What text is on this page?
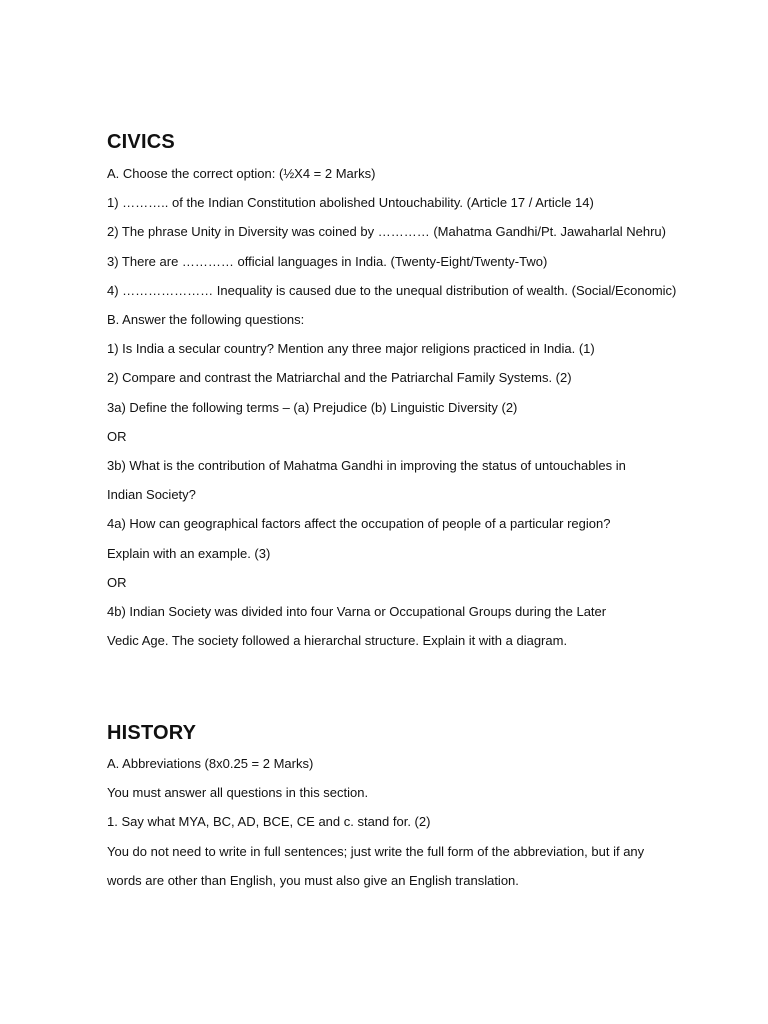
CIVICS
A. Choose the correct option: (½X4 = 2 Marks)
1) ……….. of the Indian Constitution abolished Untouchability. (Article 17 / Article 14)
2) The phrase Unity in Diversity was coined by ………… (Mahatma Gandhi/Pt. Jawaharlal Nehru)
3) There are ………… official languages in India. (Twenty-Eight/Twenty-Two)
4) ………………… Inequality is caused due to the unequal distribution of wealth. (Social/Economic)
B. Answer the following questions:
1) Is India a secular country? Mention any three major religions practiced in India. (1)
2) Compare and contrast the Matriarchal and the Patriarchal Family Systems. (2)
3a) Define the following terms – (a) Prejudice (b) Linguistic Diversity (2)
OR
3b) What is the contribution of Mahatma Gandhi in improving the status of untouchables in
Indian Society?
4a) How can geographical factors affect the occupation of people of a particular region?
Explain with an example. (3)
OR
4b) Indian Society was divided into four Varna or Occupational Groups during the Later
Vedic Age. The society followed a hierarchal structure. Explain it with a diagram.
HISTORY
A. Abbreviations (8x0.25 = 2 Marks)
You must answer all questions in this section.
1. Say what MYA, BC, AD, BCE, CE and c. stand for. (2)
You do not need to write in full sentences; just write the full form of the abbreviation, but if any
words are other than English, you must also give an English translation.
